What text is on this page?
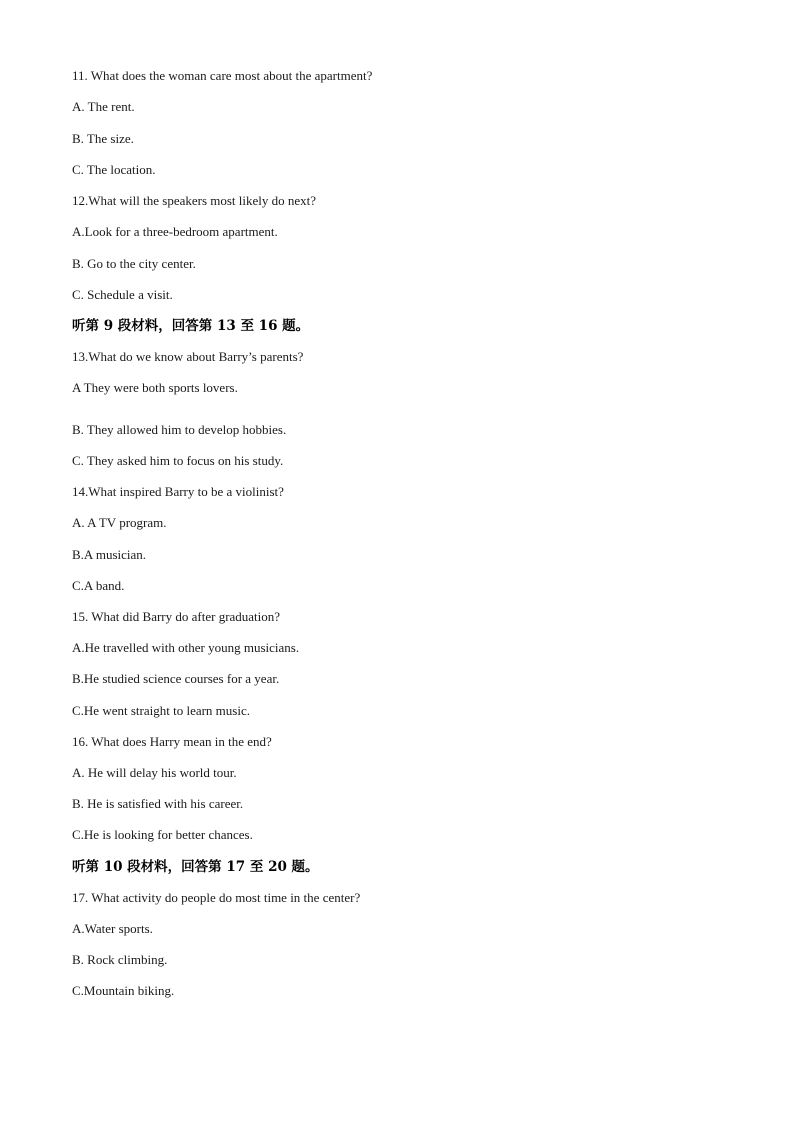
11. What does the woman care most about the apartment?
A. The rent.
B. The size.
C. The location.
12.What will the speakers most likely do next?
A.Look for a three-bedroom apartment.
B. Go to the city center.
C. Schedule a visit.
听第 9 段材料，回答第 13 至 16 题。
13.What do we know about Barry’s parents?
A They were both sports lovers.
B. They allowed him to develop hobbies.
C. They asked him to focus on his study.
14.What inspired Barry to be a violinist?
A. A TV program.
B.A musician.
C.A band.
15. What did Barry do after graduation?
A.He travelled with other young musicians.
B.He studied science courses for a year.
C.He went straight to learn music.
16. What does Harry mean in the end?
A. He will delay his world tour.
B. He is satisfied with his career.
C.He is looking for better chances.
听第 10 段材料，回答第 17 至 20 题。
17. What activity do people do most time in the center?
A.Water sports.
B. Rock climbing.
C.Mountain biking.
